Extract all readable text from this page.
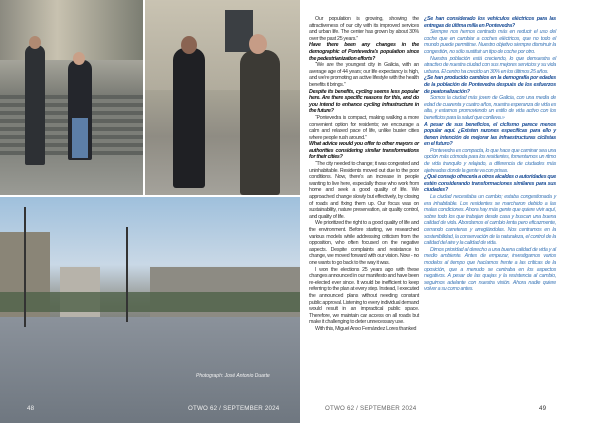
Photograph: José Antonio Duarte
48	OTWO 62 / SEPTEMBER 2024

Our population is growing, showing the attractiveness of our city with its improved services and urban life. The center has grown by about 30% over the past 25 years.”

Have there been any changes in the demographic of Pontevedra's population since the pedestrianization efforts?

“We are the youngest city in Galicia, with an average age of 44 years; our life expectancy is high, and we're promoting an active lifestyle with the health benefits it brings.”

Despite its benefits, cycling seems less popular here. Are there specific reasons for this, and do you intend to enhance cycling infrastructure in the future?

“Pontevedra is compact, making walking a more convenient option for residents; we encourage a calm and relaxed pace of life, unlike busier cities where people rush around.”

What advice would you offer to other mayors or authorities considering similar transformations for their cities?

“The city needed to change; it was congested and uninhabitable. Residents moved out due to the poor conditions. Now, there's an increase in people wanting to live here, especially those who work from home and seek a good quality of life. We approached change slowly but effectively, by closing of roads and fixing them up. Our focus was on sustainability, nature preservation, air quality control, and quality of life.

We prioritized the right to a good quality of life and the environment. Before starting, we researched various models while addressing criticism from the opposition, who often focused on the negative aspects. Despite complaints and resistance to change, we moved forward with our vision. Now - no one wants to go back to the way it was.

I won the elections 25 years ago with these changes announced in our manifesto and have been re-elected ever since. It would be inefficient to keep referring to the plan at every step. Instead, I executed the announced plans without needing constant public approval. Listening to every individual demand would result in an impractical public space. Therefore, we maintain car access on all roads but make it challenging to deter unnecessary use.

With this, Miguel Anxo Fernández Lores thanked

¿Se han considerado los vehículos eléctricos para las entregas de última milla en Pontevedra?

Siempre nos hemos centrado más en reducir el uso del coche que en cambiar a coches eléctricos, que no todo el mundo puede permitirse. Nuestro objetivo siempre disminuir la congestión, no sólo sustituir un tipo de coche por otro.

Nuestra población está creciendo, lo que demuestra el atractivo de nuestra ciudad con sus mejores servicios y su vida urbana. El centro ha crecido un 30% en los últimos 25 años.

¿Se han producido cambios en la demografía por edades de la población de Pontevedra después de los esfuerzos de peatonalización?

Somos la ciudad más joven de Galicia, con una media de edad de cuarenta y cuatro años, nuestra esperanza de vida es alta, y estamos promoviendo un estilo de vida activo con los beneficios para la salud que conlleva.»

A pesar de sus beneficios, el ciclismo parece menos popular aquí. ¿Existen razones específicas para ello y tienen intención de mejorar las infraestructuras ciclistas en el futuro?

Pontevedra es compacta, lo que hace que caminar sea una opción más cómoda para los residentes, fomentamos un ritmo de vida tranquilo y relajado, a diferencia de ciudades más ajetreadas donde la gente va con prisas.

¿Qué consejo ofrecería a otros alcaldes o autoridades que estén considerando transformaciones similares para sus ciudades?

La ciudad necesitaba un cambio; estaba congestionada y era inhabitable. Los residentes se marcharon debido a las malas condiciones. Ahora hay más gente que quiere vivir aquí, sobre todo los que trabajan desde casa y buscan una buena calidad de vida. Abordamos el cambio lenta pero eficazmente, cerrando carreteras y arreglándolas. Nos centramos en la sostenibilidad, la conservación de la naturaleza, el control de la calidad del aire y la calidad de vida.

Dimos prioridad al derecho a una buena calidad de vida y al medio ambiente. Antes de empezar, investigamos varios modelos al tiempo que hacíamos frente a las críticas de la oposición, que a menudo se centraba en los aspectos negativos. A pesar de las quejas y la resistencia al cambio, seguimos adelante con nuestra visión. Ahora nadie quiere volver a su como antes.

OTWO 62 / SEPTEMBER 2024	49
